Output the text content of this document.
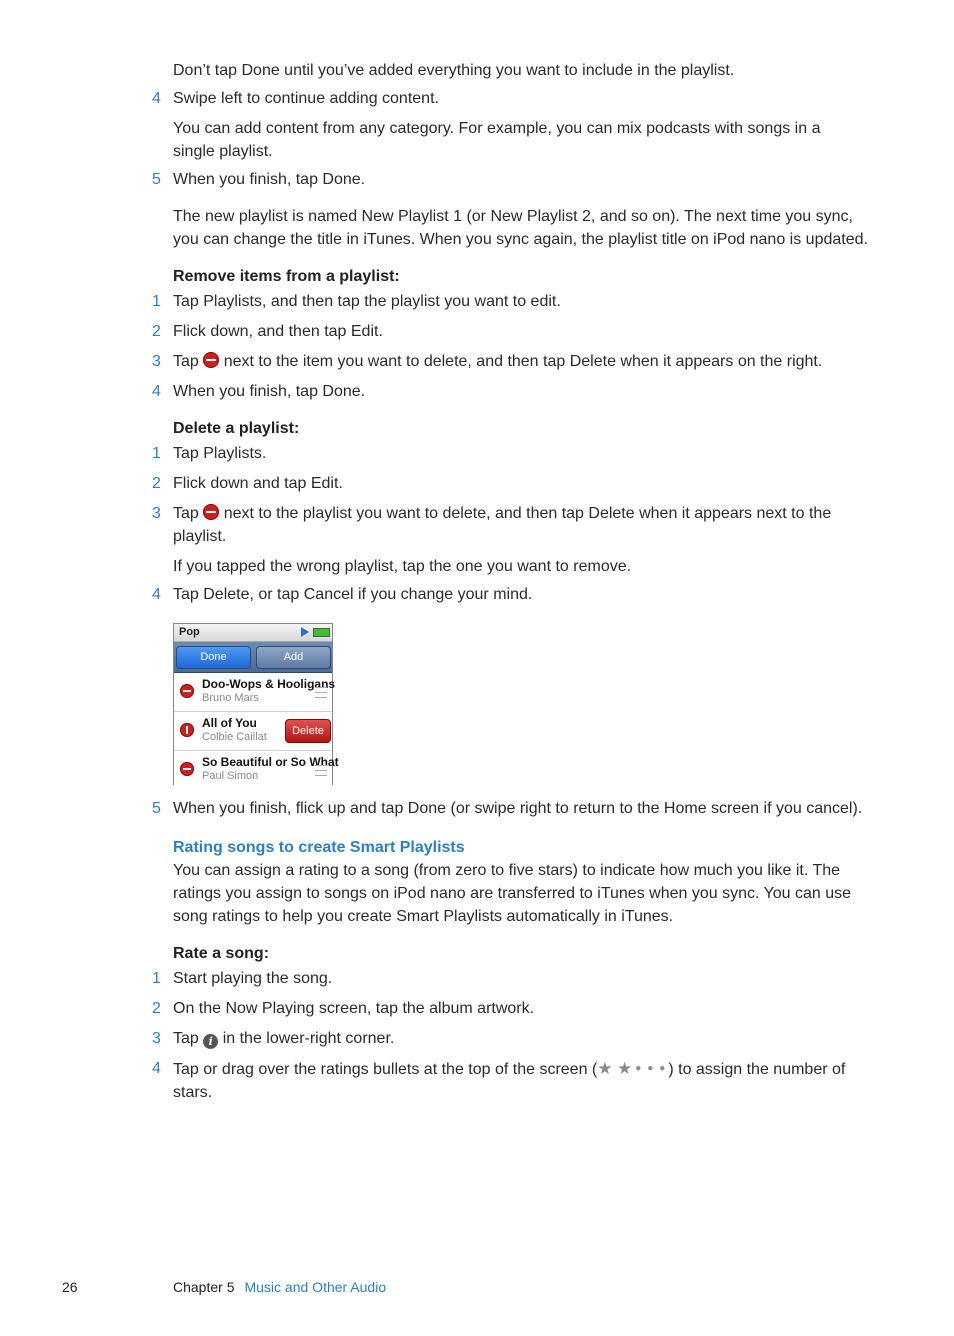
Don’t tap Done until you’ve added everything you want to include in the playlist.

4 Swipe left to continue adding content.

You can add content from any category. For example, you can mix podcasts with songs in a single playlist.

5 When you finish, tap Done.

The new playlist is named New Playlist 1 (or New Playlist 2, and so on). The next time you sync, you can change the title in iTunes. When you sync again, the playlist title on iPod nano is updated.

Remove items from a playlist:
1 Tap Playlists, and then tap the playlist you want to edit.
2 Flick down, and then tap Edit.
3 Tap next to the item you want to delete, and then tap Delete when it appears on the right.
4 When you finish, tap Done.
Delete a playlist:
1 Tap Playlists.
2 Flick down and tap Edit.
3 Tap next to the playlist you want to delete, and then tap Delete when it appears next to the playlist.

If you tapped the wrong playlist, tap the one you want to remove.

4 Tap Delete, or tap Cancel if you change your mind.
Pop
Done	Add
Doo-Wops & Hooligans
Bruno Mars
All of You
Colbie Caillat	Delete
So Beautiful or So What
Paul Simon
5 When you finish, flick up and tap Done (or swipe right to return to the Home screen if you cancel).
Rating songs to create Smart Playlists

You can assign a rating to a song (from zero to five stars) to indicate how much you like it. The ratings you assign to songs on iPod nano are transferred to iTunes when you sync. You can use song ratings to help you create Smart Playlists automatically in iTunes.

Rate a song:
1 Start playing the song.
2 On the Now Playing screen, tap the album artwork.
3 Tap i in the lower-right corner.
4 Tap or drag over the ratings bullets at the top of the screen (★ ★ ● ● ● ) to assign the number of stars.
26	Chapter 5 Music and Other Audio
